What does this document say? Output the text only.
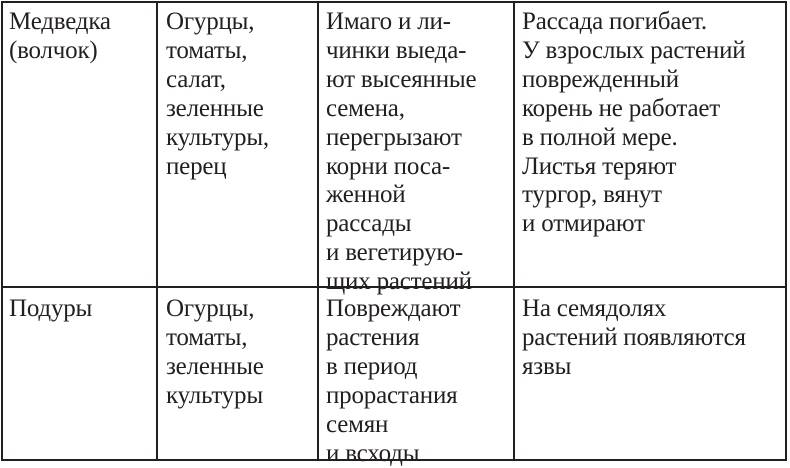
Медведка
(волчок)
Огурцы,
томаты,
салат,
зеленные
культуры,
перец
Имаго и ли-
чинки выеда-
ют высеянные
семена,
перегрызают
корни поса-
женной
рассады
и вегетирую-
щих растений
Рассада погибает.
У взрослых растений
поврежденный
корень не работает
в полной мере.
Листья теряют
тургор, вянут
и отмирают
Подуры	Огурцы,
томаты,
зеленные
культуры
Повреждают
растения
в период
прорастания
семян
и всходы
На семядолях
растений появляются
язвы
